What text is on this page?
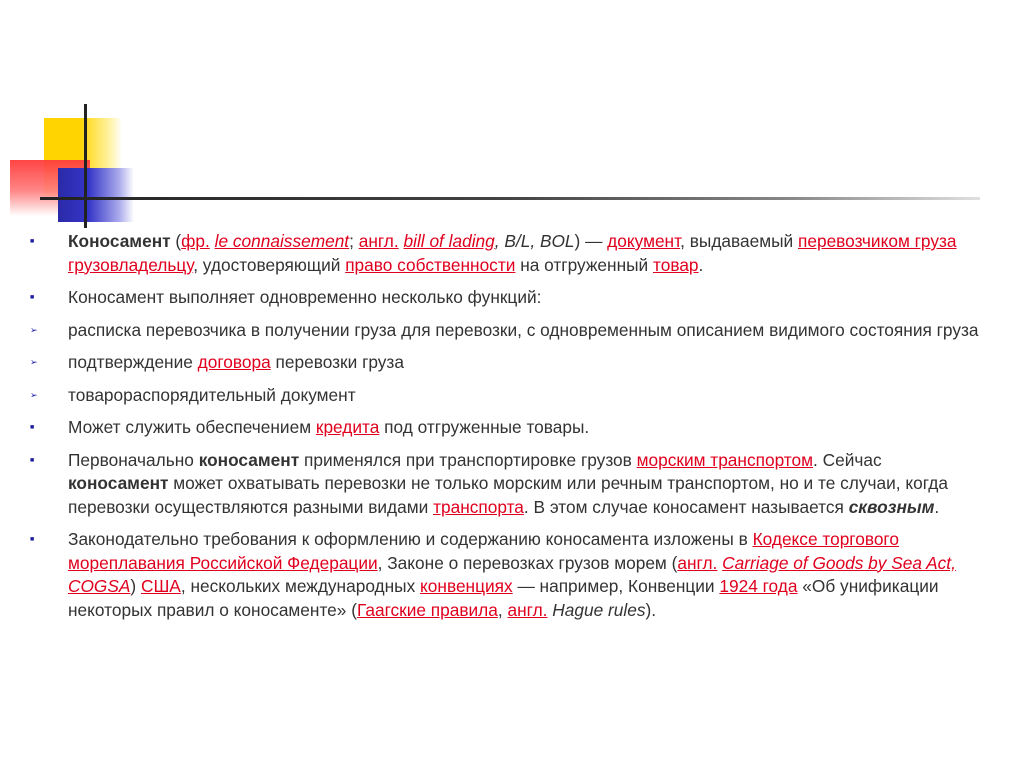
■
Коносамент (фр. le connaissement; англ. bill of lading, B/L, BOL) — документ, выдаваемый перевозчиком груза грузовладельцу, удостоверяющий право собственности на отгруженный товар.
■
Коносамент выполняет одновременно несколько функций:
➢
расписка перевозчика в получении груза для перевозки, с одновременным описанием видимого состояния груза
➢
подтверждение договора перевозки груза
➢
товарораспорядительный документ
■
Может служить обеспечением кредита под отгруженные товары.
■
Первоначально коносамент применялся при транспортировке грузов морским транспортом. Сейчас коносамент может охватывать перевозки не только морским или речным транспортом, но и те случаи, когда перевозки осуществляются разными видами транспорта. В этом случае коносамент называется сквозным.
■
Законодательно требования к оформлению и содержанию коносамента изложены в Кодексе торгового мореплавания Российской Федерации, Законе о перевозках грузов морем (англ. Carriage of Goods by Sea Act, COGSA) США, нескольких международных конвенциях — например, Конвенции 1924 года «Об унификации некоторых правил о коносаменте» (Гаагские правила, англ. Hague rules).
